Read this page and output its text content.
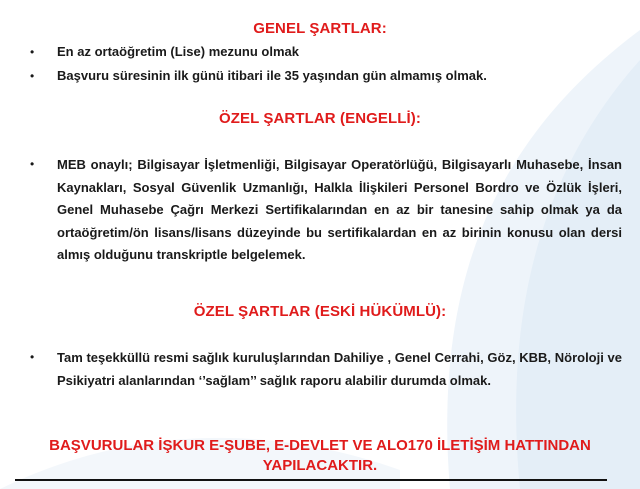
GENEL ŞARTLAR:
• En az ortaöğretim (Lise) mezunu olmak
• Başvuru süresinin ilk günü itibari ile 35 yaşından gün almamış olmak.
ÖZEL ŞARTLAR (ENGELLİ):
• MEB onaylı; Bilgisayar İşletmenliği, Bilgisayar Operatörlüğü, Bilgisayarlı Muhasebe, İnsan Kaynakları, Sosyal Güvenlik Uzmanlığı, Halkla İlişkileri Personel Bordro ve Özlük İşleri, Genel Muhasebe Çağrı Merkezi Sertifikalarından en az bir tanesine sahip olmak ya da ortaöğretim/ön lisans/lisans düzeyinde bu sertifikalardan en az birinin konusu olan dersi almış olduğunu transkriptle belgelemek.
ÖZEL ŞARTLAR (ESKİ HÜKÜMLÜ):
• Tam teşekküllü resmi sağlık kuruluşlarından Dahiliye , Genel Cerrahi, Göz, KBB, Nöroloji ve Psikiyatri alanlarından ‘’sağlam’’ sağlık raporu alabilir durumda olmak.
BAŞVURULAR İŞKUR E-ŞUBE, E-DEVLET VE ALO170 İLETİŞİM HATTINDAN
YAPILACAKTIR.
